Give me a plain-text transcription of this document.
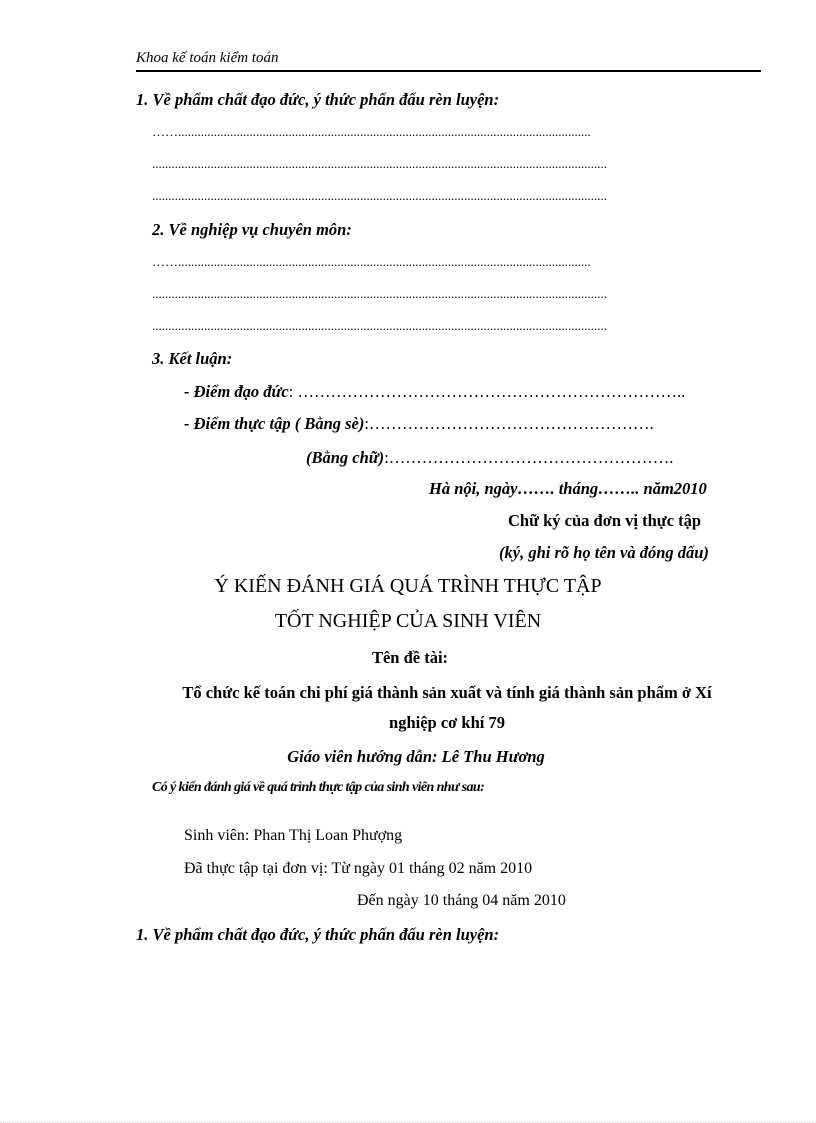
Khoa kế toán kiểm toán
1. Về phẩm chất đạo đức, ý thức phấn đấu rèn luyện:
……...............................................................................................................................
............................................................................................................................................
............................................................................................................................................
2. Về nghiệp vụ chuyên môn:
……...............................................................................................................................
............................................................................................................................................
............................................................................................................................................
3. Kết luận:
- Điểm đạo đức: ……………………………………………………………..
- Điểm thực tập ( Bằng sè):…………………………………………….
(Bằng chữ):…………………………………………….
Hà nội, ngày……. tháng…….. năm2010
Chữ ký của đơn vị thực tập
(ký, ghi rõ họ tên và đóng dấu)
Ý KIẾN ĐÁNH GIÁ QUÁ TRÌNH THỰC TẬP
TỐT NGHIỆP CỦA SINH VIÊN
Tên đề tài:
Tổ chức kế toán chi phí giá thành sản xuất và tính giá thành sản phẩm ở Xí
nghiệp cơ khí 79
Giáo viên hướng dẫn: Lê Thu Hương
Có ý kiến đánh giá về quá trình thực tập của sinh viên như sau:
Sinh viên: Phan Thị Loan Phượng
Đã thực tập tại đơn vị: Từ ngày 01 tháng 02 năm 2010
Đến ngày 10 tháng 04 năm 2010
1. Về phẩm chất đạo đức, ý thức phấn đấu rèn luyện:
